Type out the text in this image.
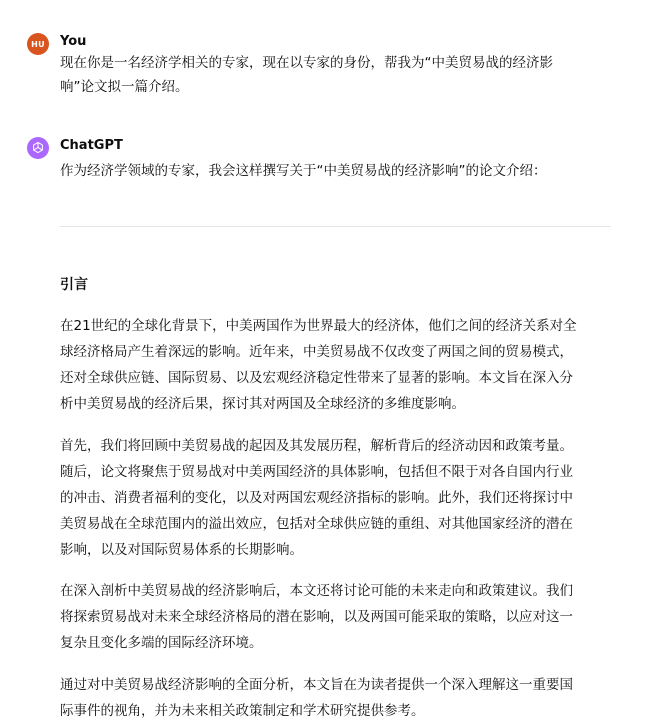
HU	You
现在你是一名经济学相关的专家，现在以专家的身份，帮我为“中美贸易战的经济影
响”论文拟一篇介绍。
ChatGPT
作为经济学领域的专家，我会这样撰写关于“中美贸易战的经济影响”的论文介绍：
引言
在21世纪的全球化背景下，中美两国作为世界最大的经济体，他们之间的经济关系对全
球经济格局产生着深远的影响。近年来，中美贸易战不仅改变了两国之间的贸易模式，
还对全球供应链、国际贸易、以及宏观经济稳定性带来了显著的影响。本文旨在深入分
析中美贸易战的经济后果，探讨其对两国及全球经济的多维度影响。
首先，我们将回顾中美贸易战的起因及其发展历程，解析背后的经济动因和政策考量。
随后，论文将聚焦于贸易战对中美两国经济的具体影响，包括但不限于对各自国内行业
的冲击、消费者福利的变化，以及对两国宏观经济指标的影响。此外，我们还将探讨中
美贸易战在全球范围内的溢出效应，包括对全球供应链的重组、对其他国家经济的潜在
影响，以及对国际贸易体系的长期影响。
在深入剖析中美贸易战的经济影响后，本文还将讨论可能的未来走向和政策建议。我们
将探索贸易战对未来全球经济格局的潜在影响，以及两国可能采取的策略，以应对这一
复杂且变化多端的国际经济环境。
通过对中美贸易战经济影响的全面分析，本文旨在为读者提供一个深入理解这一重要国
际事件的视角，并为未来相关政策制定和学术研究提供参考。
